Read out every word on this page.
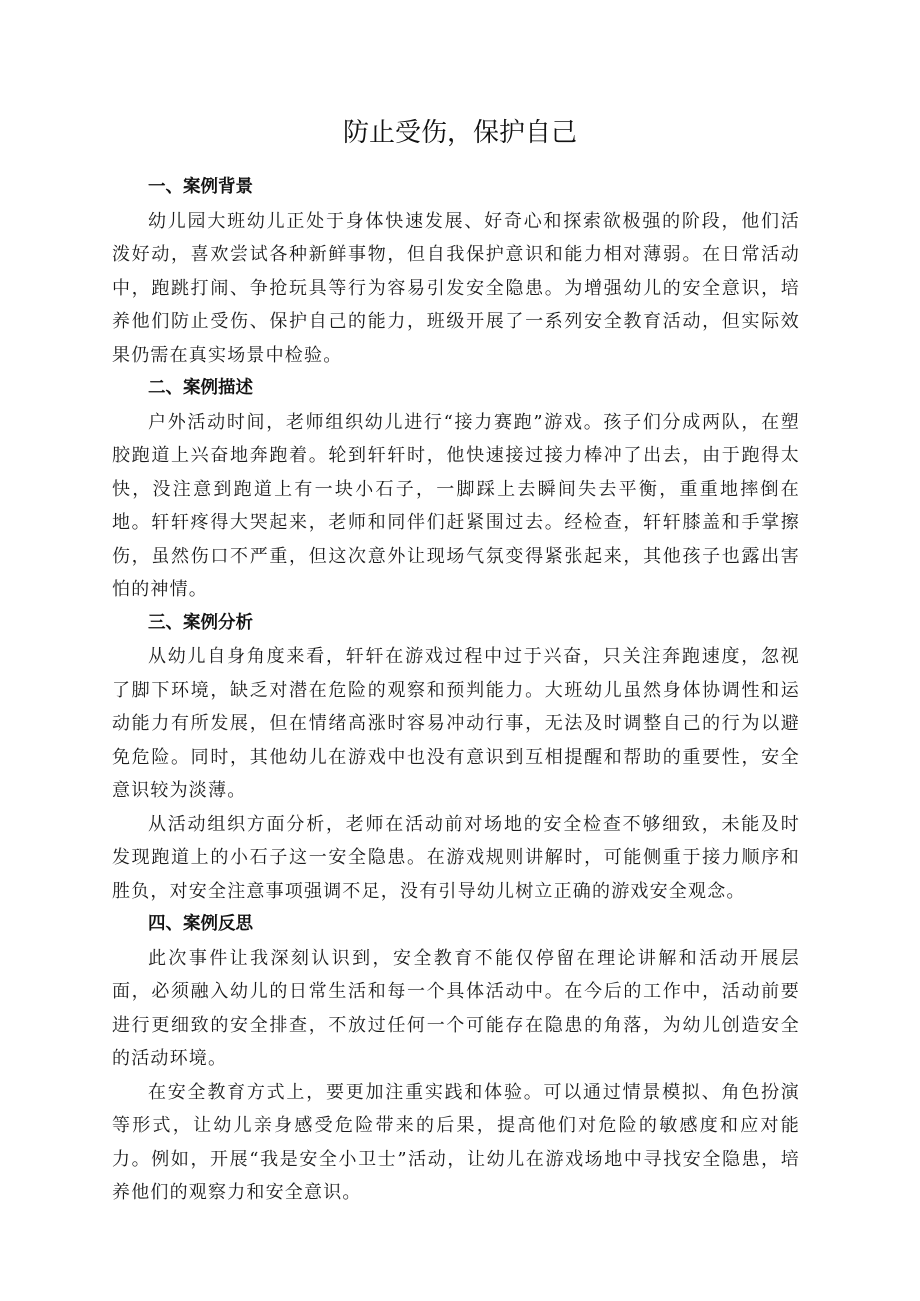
防止受伤，保护自己

一、案例背景

幼儿园大班幼儿正处于身体快速发展、好奇心和探索欲极强的阶段，他们活泼好动，喜欢尝试各种新鲜事物，但自我保护意识和能力相对薄弱。在日常活动中，跑跳打闹、争抢玩具等行为容易引发安全隐患。为增强幼儿的安全意识，培养他们防止受伤、保护自己的能力，班级开展了一系列安全教育活动，但实际效果仍需在真实场景中检验。

二、案例描述

户外活动时间，老师组织幼儿进行“接力赛跑”游戏。孩子们分成两队，在塑胶跑道上兴奋地奔跑着。轮到轩轩时，他快速接过接力棒冲了出去，由于跑得太快，没注意到跑道上有一块小石子，一脚踩上去瞬间失去平衡，重重地摔倒在地。轩轩疼得大哭起来，老师和同伴们赶紧围过去。经检查，轩轩膝盖和手掌擦伤，虽然伤口不严重，但这次意外让现场气氛变得紧张起来，其他孩子也露出害怕的神情。

三、案例分析

从幼儿自身角度来看，轩轩在游戏过程中过于兴奋，只关注奔跑速度，忽视了脚下环境，缺乏对潜在危险的观察和预判能力。大班幼儿虽然身体协调性和运动能力有所发展，但在情绪高涨时容易冲动行事，无法及时调整自己的行为以避免危险。同时，其他幼儿在游戏中也没有意识到互相提醒和帮助的重要性，安全意识较为淡薄。

从活动组织方面分析，老师在活动前对场地的安全检查不够细致，未能及时发现跑道上的小石子这一安全隐患。在游戏规则讲解时，可能侧重于接力顺序和胜负，对安全注意事项强调不足，没有引导幼儿树立正确的游戏安全观念。

四、案例反思

此次事件让我深刻认识到，安全教育不能仅停留在理论讲解和活动开展层面，必须融入幼儿的日常生活和每一个具体活动中。在今后的工作中，活动前要进行更细致的安全排查，不放过任何一个可能存在隐患的角落，为幼儿创造安全的活动环境。

在安全教育方式上，要更加注重实践和体验。可以通过情景模拟、角色扮演等形式，让幼儿亲身感受危险带来的后果，提高他们对危险的敏感度和应对能力。例如，开展“我是安全小卫士”活动，让幼儿在游戏场地中寻找安全隐患，培养他们的观察力和安全意识。
